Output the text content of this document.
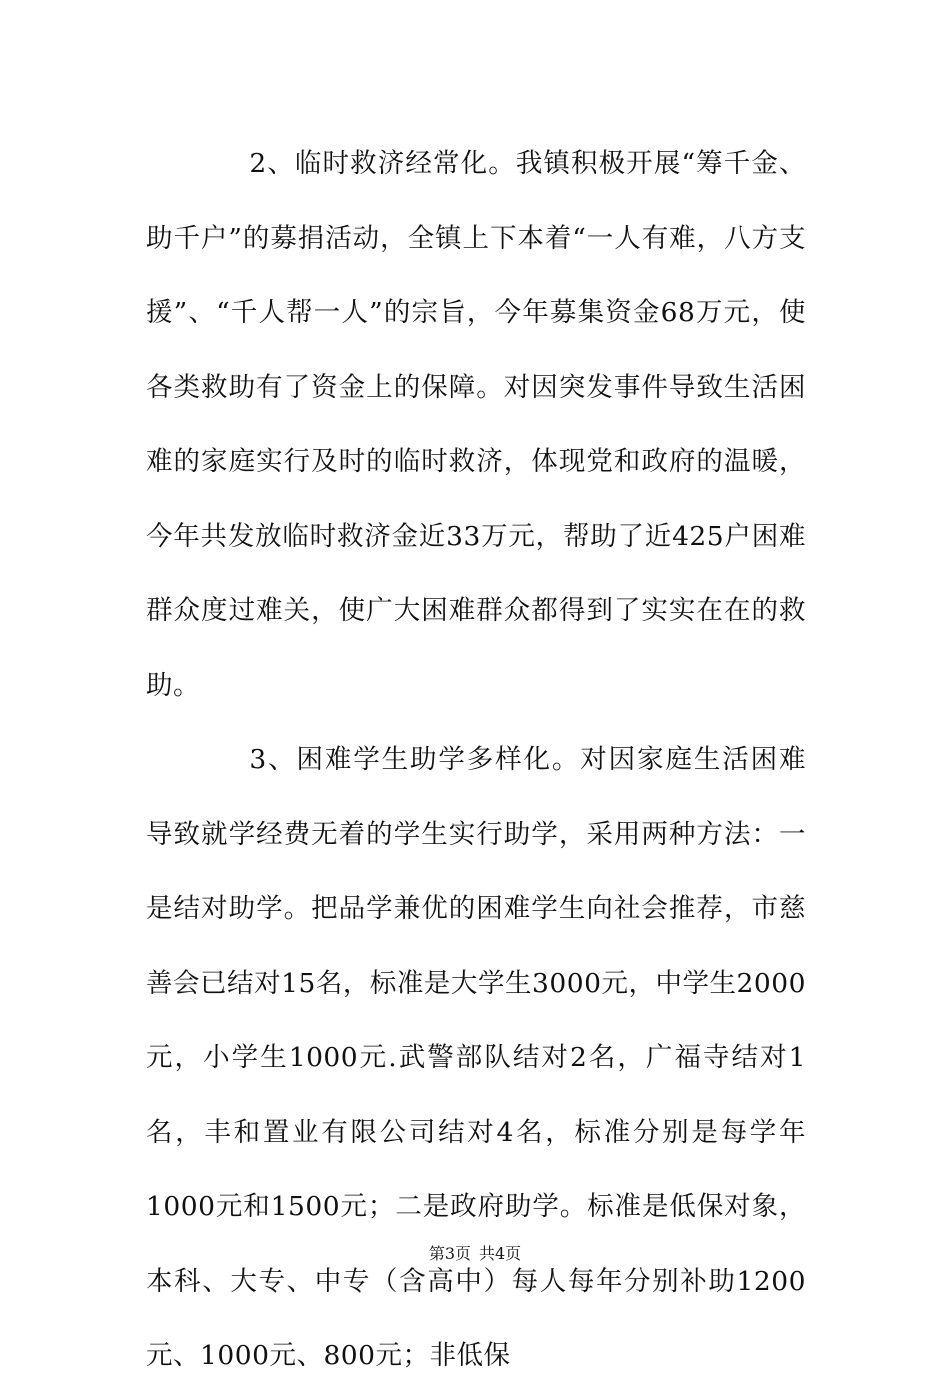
2、临时救济经常化。我镇积极开展“筹千金、助千户”的募捐活动，全镇上下本着“一人有难，八方支援”、“千人帮一人”的宗旨，今年募集资金68万元，使各类救助有了资金上的保障。对因突发事件导致生活困难的家庭实行及时的临时救济，体现党和政府的温暖，今年共发放临时救济金近33万元，帮助了近425户困难群众度过难关，使广大困难群众都得到了实实在在的救助。

3、困难学生助学多样化。对因家庭生活困难导致就学经费无着的学生实行助学，采用两种方法：一是结对助学。把品学兼优的困难学生向社会推荐，市慈善会已结对15名，标准是大学生3000元，中学生2000元，小学生1000元.武警部队结对2名，广福寺结对1名，丰和置业有限公司结对4名，标准分别是每学年1000元和1500元；二是政府助学。标准是低保对象，本科、大专、中专（含高中）每人每年分别补助1200元、1000元、800元；非低保

第3页 共4页
